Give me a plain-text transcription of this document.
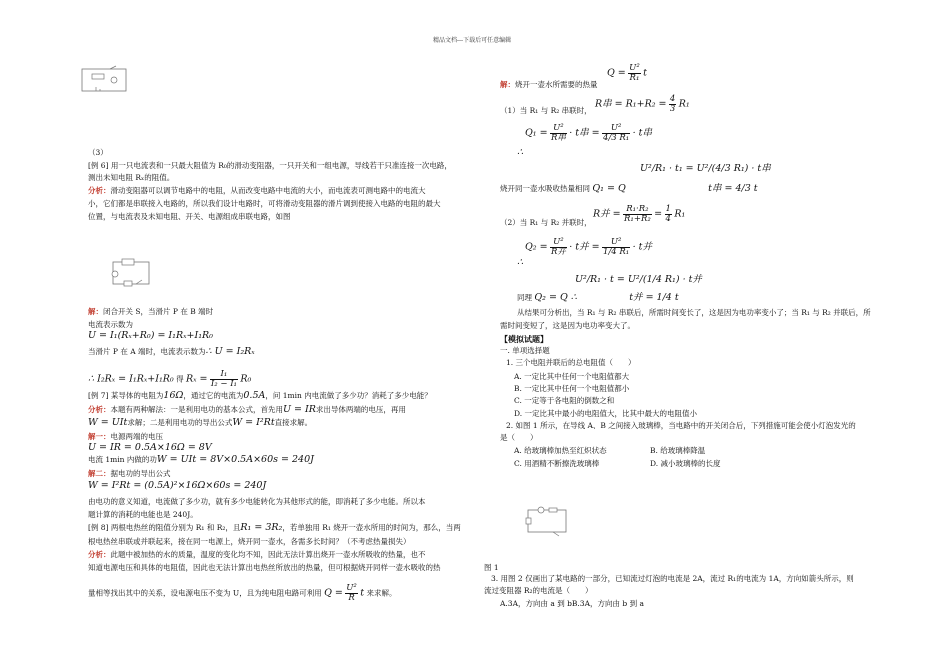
精品文档---下载后可任意编辑
（3）
[例 6] 用一只电流表和一只最大阻值为 R₀的滑动变阻器，一只开关和一组电源，导线若干只准连接一次电路，
测出未知电阻 Rₓ的阻值。
分析：滑动变阻器可以调节电路中的电阻，从而改变电路中电流的大小，而电流表可测电路中的电流大
小，它们都是串联接入电路的，所以我们设计电路时，可将滑动变阻器的滑片调到使接入电路的电阻的最大
位置，与电流表及未知电阻、开关、电源组成串联电路，如图
解：闭合开关 S，当滑片 P 在 B 端时
电流表示数为
U = I₁(Rₓ+R₀) = I₁Rₓ+I₁R₀
当滑片 P 在 A 端时，电流表示数为∴ U = I₂Rₓ
∴ I₂Rₓ = I₁Rₓ+I₁R₀ 得 $R_x = \frac{\text{I₁}}{\text{I₂ − I₁}} R_0$
[例 7] 某导体的电阻为16Ω，通过它的电流为0.5A，问 1min 内电流做了多少功？消耗了多少电能？
分析：本题有两种解法：一是利用电功的基本公式，首先用U = IR求出导体两端的电压，再用
W = UIt求解；二是利用电功的导出公式W = I²Rt直接求解。
解一：电源两端的电压
U = IR = 0.5A×16Ω = 8V
电流 1min 内做的功W = UIt = 8V×0.5A×60s = 240J
解二：据电功的导出公式
W = I²Rt = (0.5A)²×16Ω×60s = 240J
由电功的意义知道，电流做了多少功，就有多少电能转化为其他形式的能，即消耗了多少电能。所以本
题计算的消耗的电能也是 240J。
[例 8] 两根电热丝的阻值分别为 R₁ 和 R₂，且R₁ = 3R₂，若单独用 R₁ 烧开一壶水所用的时间为，那么，当两
根电热丝串联或并联起来，接在同一电源上，烧开同一壶水，各需多长时间？（不考虑热量损失）
分析：此题中被加热的水的质量，温度的变化均不知，因此无法计算出烧开一壶水所吸收的热量，也不
知道电源电压和具体的电阻值，因此也无法计算出电热丝所放出的热量，但可根据烧开同样一壶水吸收的热
量相等找出其中的关系，设电源电压不变为 U，且为纯电阻电路可利用 $Q = \frac{\text{U²}}{R}$ t 来求解。
$Q = \frac{\text{U²}}{\text{R₁}}$ t
解：烧开一壶水所需要的热量
R串 = $R_1+R_2 = \frac{4}{3} R_1$
（1）当 R₁ 与 R₂ 串联时，
$Q_1 = \frac{\text{U²}}{\text{R串}} \cdot t$串 = $\frac{\text{U²}}{\text{4/3 R₁}} \cdot t$串
∴
U²/R₁ · t₁ = U²/(4/3 R₁) · t串
烧开同一壶水吸收热量相同 Q₁ = Q	t串 = 4/3 t
R并 = $\frac{\text{R₁·R₂}}{\text{R₁+R₂}} = \frac{1}{4} R_1$
（2）当 R₁ 与 R₂ 并联时，
$Q_2 = \frac{\text{U²}}{\text{R并}} \cdot t$并 = $\frac{\text{U²}}{\text{1/4 R₁}} \cdot t$并
∴
U²/R₁ · t = U²/(1/4 R₁) · t并
同理 Q₂ = Q ∴	t并 = 1/4 t
从结果可分析出，当 R₁ 与 R₂ 串联后，所需时间变长了，这是因为电功率变小了；当 R₁ 与 R₂ 并联后，所
需时间变短了，这是因为电功率变大了。
【模拟试题】
一. 单项选择题
1. 三个电阻并联后的总电阻值（　　）
A. 一定比其中任何一个电阻值都大
B. 一定比其中任何一个电阻值都小
C. 一定等于各电阻的倒数之和
D. 一定比其中最小的电阻值大，比其中最大的电阻值小
2. 如图 1 所示，在导线 A、B 之间接入玻璃棒，当电路中的开关闭合后，下列措施可能会使小灯泡发光的
是（　　）
A. 给玻璃棒加热至红炽状态	B. 给玻璃棒降温
C. 用酒精不断擦洗玻璃棒	D. 减小玻璃棒的长度
图 1
3. 用图 2 仅画出了某电路的一部分，已知流过灯泡的电流是 2A，流过 R₁的电流为 1A，方向如箭头所示，则
流过变阻器 R₂的电流是（　　）
A.3A，方向由 a 到 bB.3A，方向由 b 到 a
